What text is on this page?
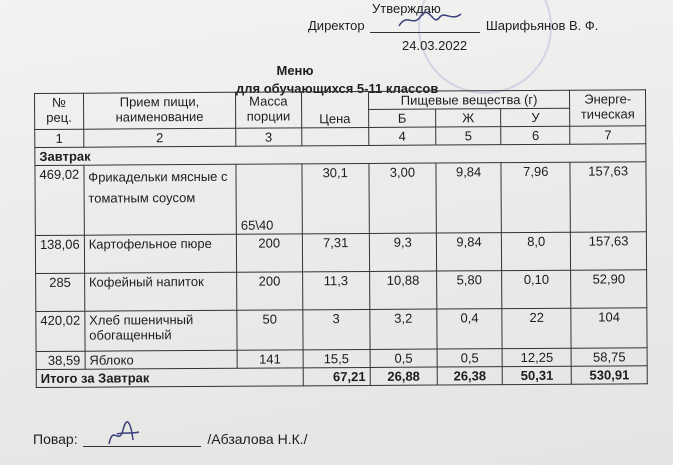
Утверждаю
Директор	Шарифьянов В. Ф.
24.03.2022
Меню
для обучающихся 5-11 классов
№ рец.	Прием пищи, наименование	Масса порции	Цена	Пищевые вещества (г)			Энерге-тическая
				Б	Ж	У	
1	2	3		4	5	6	7
Завтрак							
469,02	Фрикадельки мясные с томатным соусом	65\40	30,1	3,00	9,84	7,96	157,63
138,06	Картофельное пюре	200	7,31	9,3	9,84	8,0	157,63
285	Кофейный напиток	200	11,3	10,88	5,80	0,10	52,90
420,02	Хлеб пшеничный обогащенный	50	3	3,2	0,4	22	104
38,59	Яблоко	141	15,5	0,5	0,5	12,25	58,75
Итого за Завтрак			67,21	26,88	26,38	50,31	530,91
Повар:	/Абзалова Н.К./
